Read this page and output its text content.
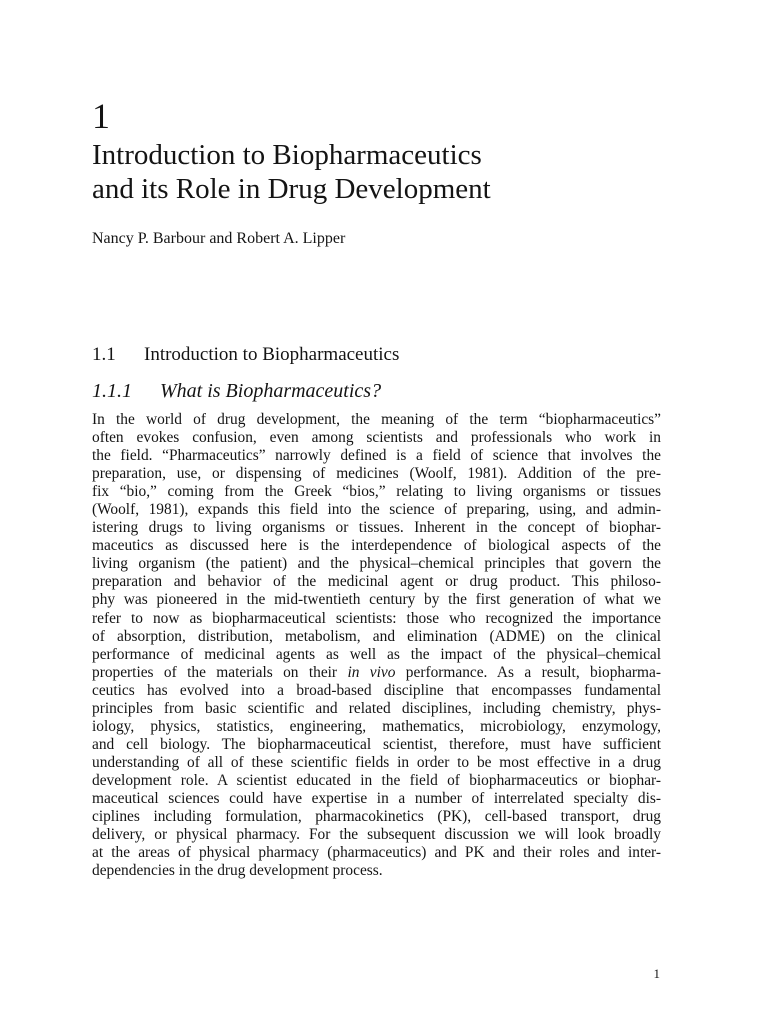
1
Introduction to Biopharmaceutics
and its Role in Drug Development

Nancy P. Barbour and Robert A. Lipper

1.1 Introduction to Biopharmaceutics
1.1.1 What is Biopharmaceutics?
In the world of drug development, the meaning of the term “biopharmaceutics”
often evokes confusion, even among scientists and professionals who work in
the field. “Pharmaceutics” narrowly defined is a field of science that involves the
preparation, use, or dispensing of medicines (Woolf, 1981). Addition of the pre-
fix “bio,” coming from the Greek “bios,” relating to living organisms or tissues
(Woolf, 1981), expands this field into the science of preparing, using, and admin-
istering drugs to living organisms or tissues. Inherent in the concept of biophar-
maceutics as discussed here is the interdependence of biological aspects of the
living organism (the patient) and the physical–chemical principles that govern the
preparation and behavior of the medicinal agent or drug product. This philoso-
phy was pioneered in the mid-twentieth century by the first generation of what we
refer to now as biopharmaceutical scientists: those who recognized the importance
of absorption, distribution, metabolism, and elimination (ADME) on the clinical
performance of medicinal agents as well as the impact of the physical–chemical
properties of the materials on their in vivo performance. As a result, biopharma-
ceutics has evolved into a broad-based discipline that encompasses fundamental
principles from basic scientific and related disciplines, including chemistry, phys-
iology, physics, statistics, engineering, mathematics, microbiology, enzymology,
and cell biology. The biopharmaceutical scientist, therefore, must have sufficient
understanding of all of these scientific fields in order to be most effective in a drug
development role. A scientist educated in the field of biopharmaceutics or biophar-
maceutical sciences could have expertise in a number of interrelated specialty dis-
ciplines including formulation, pharmacokinetics (PK), cell-based transport, drug
delivery, or physical pharmacy. For the subsequent discussion we will look broadly
at the areas of physical pharmacy (pharmaceutics) and PK and their roles and inter-
dependencies in the drug development process.

1
